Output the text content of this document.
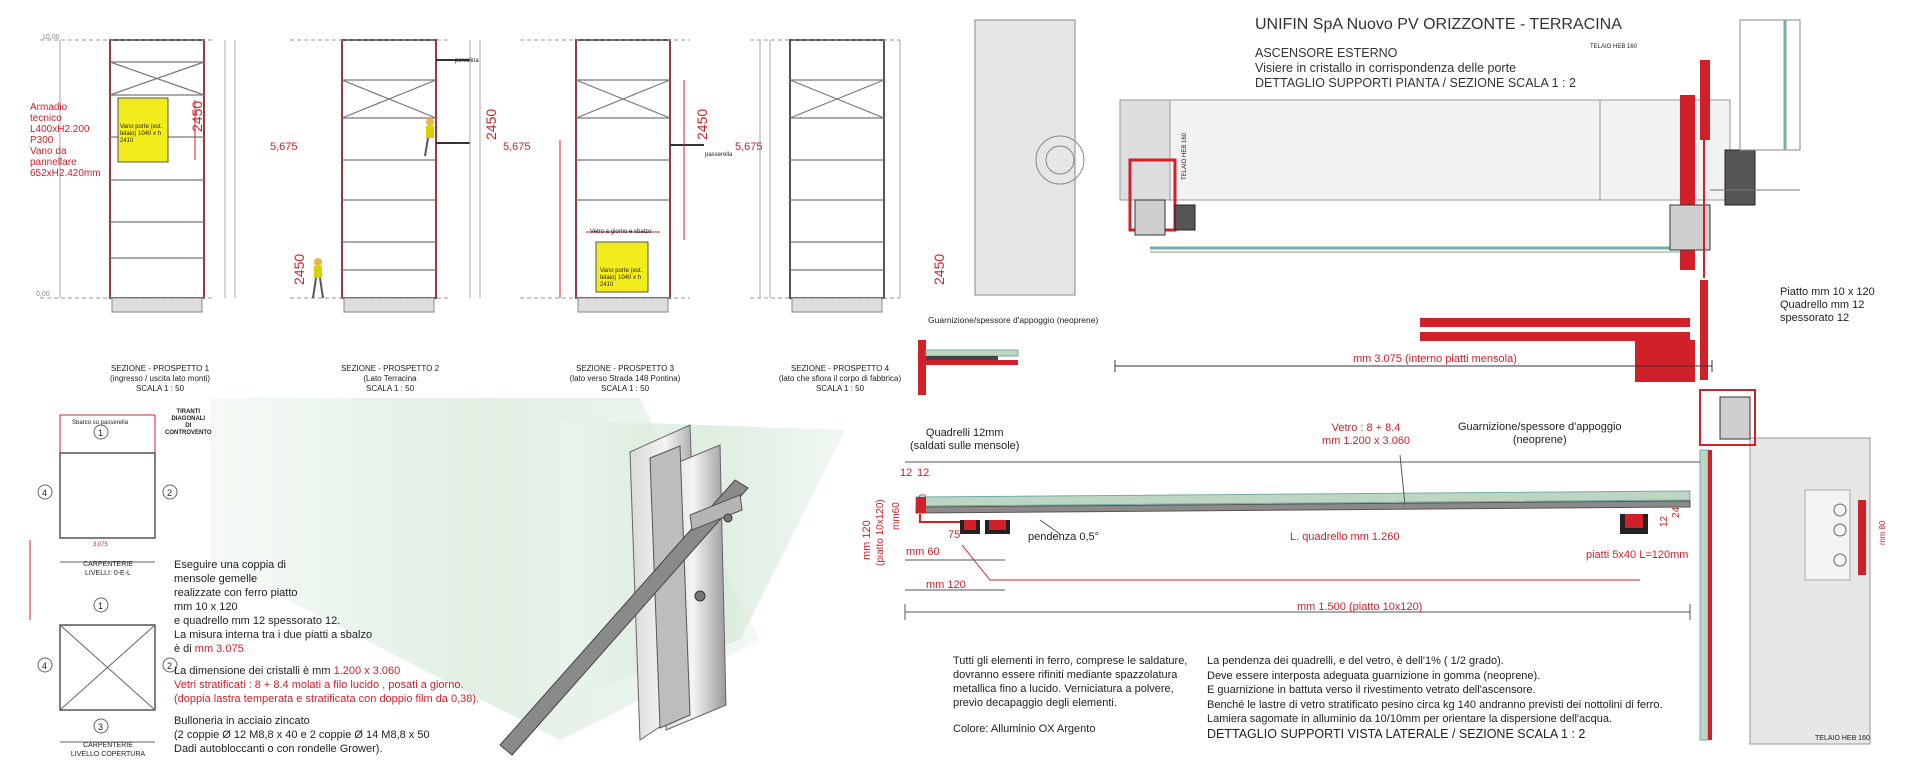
UNIFIN SpA Nuovo PV ORIZZONTE - TERRACINA
ASCENSORE ESTERNO
Visiere in cristallo in corrispondenza delle porte
DETTAGLIO SUPPORTI PIANTA / SEZIONE SCALA 1 : 2
SEZIONE - PROSPETTO 1
(ingresso / uscita lato monti)
SCALA 1 : 50
SEZIONE - PROSPETTO 2
(Lato Terracina
SCALA 1 : 50
SEZIONE - PROSPETTO 3
(lato verso Strada 148 Pontina)
SCALA 1 : 50
SEZIONE - PROSPETTO 4
(lato che sfiora il corpo di fabbrica)
SCALA 1 : 50
Armadio
tecnico
L400xH2.200
P300
Vano da
pannellare
652xH2.420mm
Vano porte (est. telaio) 1040 x h 2410
Vano porte (est. telaio) 1040 x h 2410
2450
2450
2450	2450
2450
5,675	5,675	5,675
pensilina
passerella
Vetro a giorno e sbalzo
0,00
10,00
Sbarco su passerella
TIRANTI
DIAGONALI
DI
CONTROVENTO
CARPENTERIE
LIVELLI: 0-E-L
CARPENTERIE
LIVELLO COPERTURA
1
4	2
1
4	2
3
3,075
Eseguire una coppia di
mensole gemelle
realizzate con ferro piatto
mm 10 x 120
e quadrello mm 12 spessorato 12.
La misura interna tra i due piatti a sbalzo
è di mm 3.075
La dimensione dei cristalli è mm 1.200 x 3.060
Vetri stratificati : 8 + 8.4 molati a filo lucido , posati a giorno.
(doppia lastra temperata e stratificata con doppio film da 0,38).
Bulloneria in acciaio zincato
(2 coppie Ø 12 M8,8 x 40 e 2 coppie Ø 14 M8,8 x 50
Dadi autobloccanti o con rondelle Grower).
Tutti gli elementi in ferro, comprese le saldature,
dovranno essere rifiniti mediante spazzolatura
metallica fino a lucido. Verniciatura a polvere,
previo decapaggio degli elementi.
Colore: Alluminio OX Argento
La pendenza dei quadrelli, e del vetro, è dell'1% ( 1/2 grado).
Deve essere interposta adeguata guarnizione in gomma (neoprene).
E guarnizione in battuta verso il rivestimento vetrato dell'ascensore.
Benché le lastre di vetro stratificato pesino circa kg 140 andranno previsti dei nottolini di ferro.
Lamiera sagomate in alluminio da 10/10mm per orientare la dispersione dell'acqua.
DETTAGLIO SUPPORTI VISTA LATERALE / SEZIONE SCALA 1 : 2
Guarnizione/spessore d'appoggio (neoprene)
mm 3.075 (interno piatti mensola)
Piatto mm 10 x 120
Quadrello mm 12
spessorato 12
TELAIO HEB 160
TELAIO HEB 160
TELAIO HEB 160
Quadrelli 12mm
(saldati sulle mensole)
Vetro : 8 + 8.4
mm 1.200 x 3.060
Guarnizione/spessore d'appoggio
(neoprene)
pendenza 0,5°	L. quadrello mm 1.260
piatti 5x40 L=120mm
mm 1.500 (piatto 10x120)
mm 60
mm 120
mm 120 (piatto 10x120) mm60
12 12
30
75
24
12	mm 80
